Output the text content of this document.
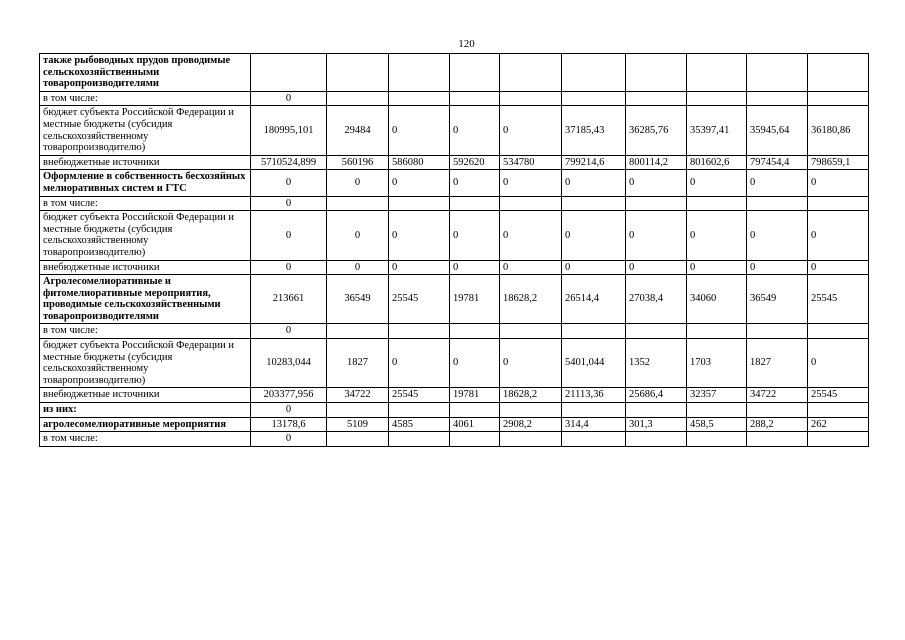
120
также рыбоводных прудов проводимые сельскохозяйственными товаропроизводителями										
в том числе:	0									
бюджет субъекта Российской Федерации и местные бюджеты (субсидия сельскохозяйственному товаропроизводителю)	180995,101	29484	0	0	0	37185,43	36285,76	35397,41	35945,64	36180,86
внебюджетные источники	5710524,899	560196	586080	592620	534780	799214,6	800114,2	801602,6	797454,4	798659,1
Оформление в собственность бесхозяйных мелиоративных систем и ГТС	0	0	0	0	0	0	0	0	0	0
в том числе:	0									
бюджет субъекта Российской Федерации и местные бюджеты (субсидия сельскохозяйственному товаропроизводителю)	0	0	0	0	0	0	0	0	0	0
внебюджетные источники	0	0	0	0	0	0	0	0	0	0
Агролесомелиоративные и фитомелиоративные мероприятия, проводимые сельскохозяйственными товаропроизводителями	213661	36549	25545	19781	18628,2	26514,4	27038,4	34060	36549	25545
в том числе:	0									
бюджет субъекта Российской Федерации и местные бюджеты (субсидия сельскохозяйственному товаропроизводителю)	10283,044	1827	0	0	0	5401,044	1352	1703	1827	0
внебюджетные источники	203377,956	34722	25545	19781	18628,2	21113,36	25686,4	32357	34722	25545
из них:	0									
агролесомелиоративные мероприятия	13178,6	5109	4585	4061	2908,2	314,4	301,3	458,5	288,2	262
в том числе:	0									
